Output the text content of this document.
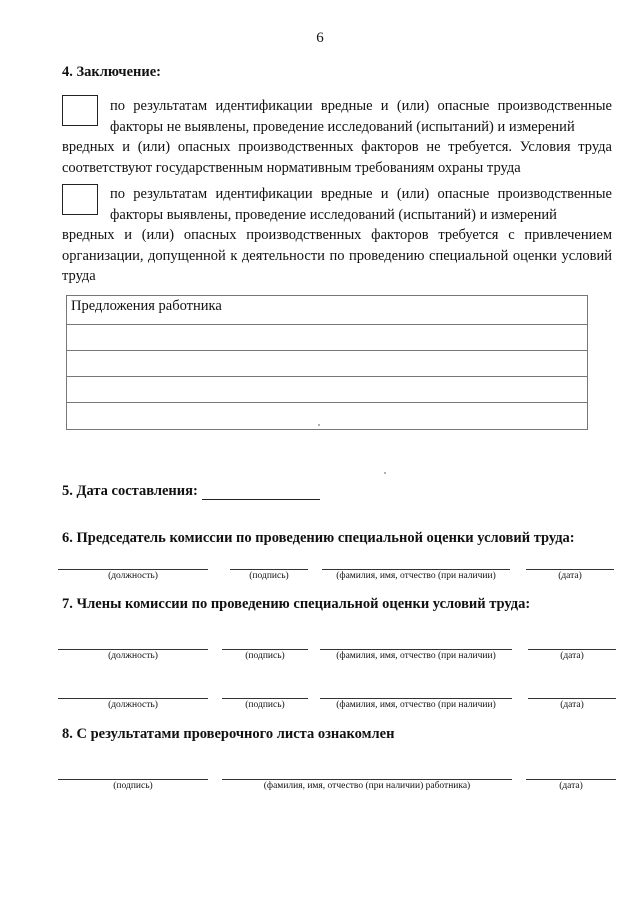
6
4. Заключение:
по результатам идентификации вредные и (или) опасные производственные факторы не выявлены, проведение исследований (испытаний) и измерений
вредных и (или) опасных производственных факторов не требуется. Условия труда соответствуют государственным нормативным требованиям охраны труда
по результатам идентификации вредные и (или) опасные производственные факторы выявлены, проведение исследований (испытаний) и измерений
вредных и (или) опасных производственных факторов требуется с привлечением организации, допущенной к деятельности по проведению специальной оценки условий труда
Предложения работника
5. Дата составления:
6. Председатель комиссии по проведению специальной оценки условий труда:
(должность)	(подпись)	(фамилия, имя, отчество (при наличии)	(дата)
7. Члены комиссии по проведению специальной оценки условий труда:
(должность)	(подпись)	(фамилия, имя, отчество (при наличии)	(дата)
(должность)	(подпись)	(фамилия, имя, отчество (при наличии)	(дата)
8. С результатами проверочного листа ознакомлен
(подпись)	(фамилия, имя, отчество (при наличии) работника)	(дата)
